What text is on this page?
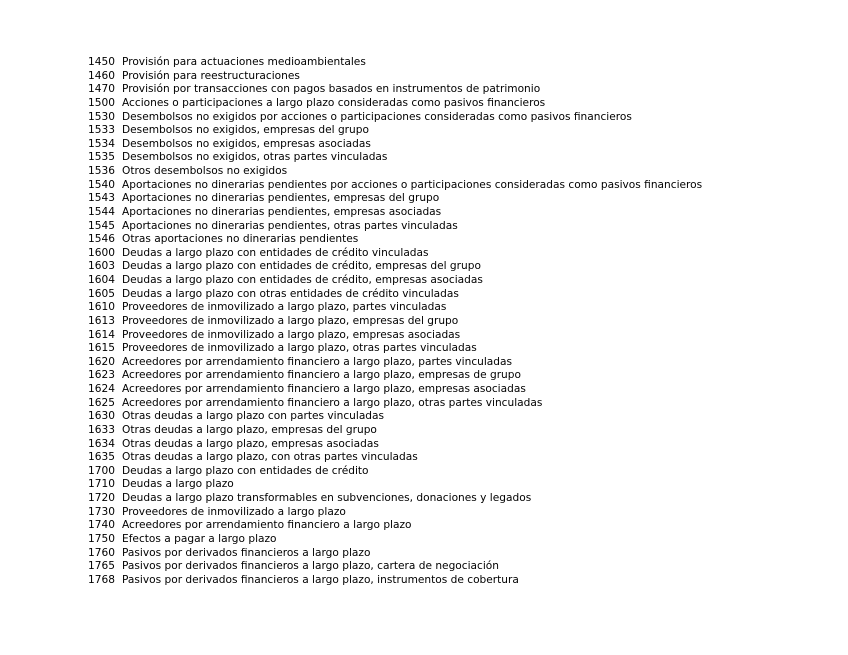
1450 Provisión para actuaciones medioambientales
1460 Provisión para reestructuraciones
1470 Provisión por transacciones con pagos basados en instrumentos de patrimonio
1500 Acciones o participaciones a largo plazo consideradas como pasivos financieros
1530 Desembolsos no exigidos por acciones o participaciones consideradas como pasivos financieros
1533 Desembolsos no exigidos, empresas del grupo
1534 Desembolsos no exigidos, empresas asociadas
1535 Desembolsos no exigidos, otras partes vinculadas
1536 Otros desembolsos no exigidos
1540 Aportaciones no dinerarias pendientes por acciones o participaciones consideradas como pasivos financieros
1543 Aportaciones no dinerarias pendientes, empresas del grupo
1544 Aportaciones no dinerarias pendientes, empresas asociadas
1545 Aportaciones no dinerarias pendientes, otras partes vinculadas
1546 Otras aportaciones no dinerarias pendientes
1600 Deudas a largo plazo con entidades de crédito vinculadas
1603 Deudas a largo plazo con entidades de crédito, empresas del grupo
1604 Deudas a largo plazo con entidades de crédito, empresas asociadas
1605 Deudas a largo plazo con otras entidades de crédito vinculadas
1610 Proveedores de inmovilizado a largo plazo, partes vinculadas
1613 Proveedores de inmovilizado a largo plazo, empresas del grupo
1614 Proveedores de inmovilizado a largo plazo, empresas asociadas
1615 Proveedores de inmovilizado a largo plazo, otras partes vinculadas
1620 Acreedores por arrendamiento financiero a largo plazo, partes vinculadas
1623 Acreedores por arrendamiento financiero a largo plazo, empresas de grupo
1624 Acreedores por arrendamiento financiero a largo plazo, empresas asociadas
1625 Acreedores por arrendamiento financiero a largo plazo, otras partes vinculadas
1630 Otras deudas a largo plazo con partes vinculadas
1633 Otras deudas a largo plazo, empresas del grupo
1634 Otras deudas a largo plazo, empresas asociadas
1635 Otras deudas a largo plazo, con otras partes vinculadas
1700 Deudas a largo plazo con entidades de crédito
1710 Deudas a largo plazo
1720 Deudas a largo plazo transformables en subvenciones, donaciones y legados
1730 Proveedores de inmovilizado a largo plazo
1740 Acreedores por arrendamiento financiero a largo plazo
1750 Efectos a pagar a largo plazo
1760 Pasivos por derivados financieros a largo plazo
1765 Pasivos por derivados financieros a largo plazo, cartera de negociación
1768 Pasivos por derivados financieros a largo plazo, instrumentos de cobertura
